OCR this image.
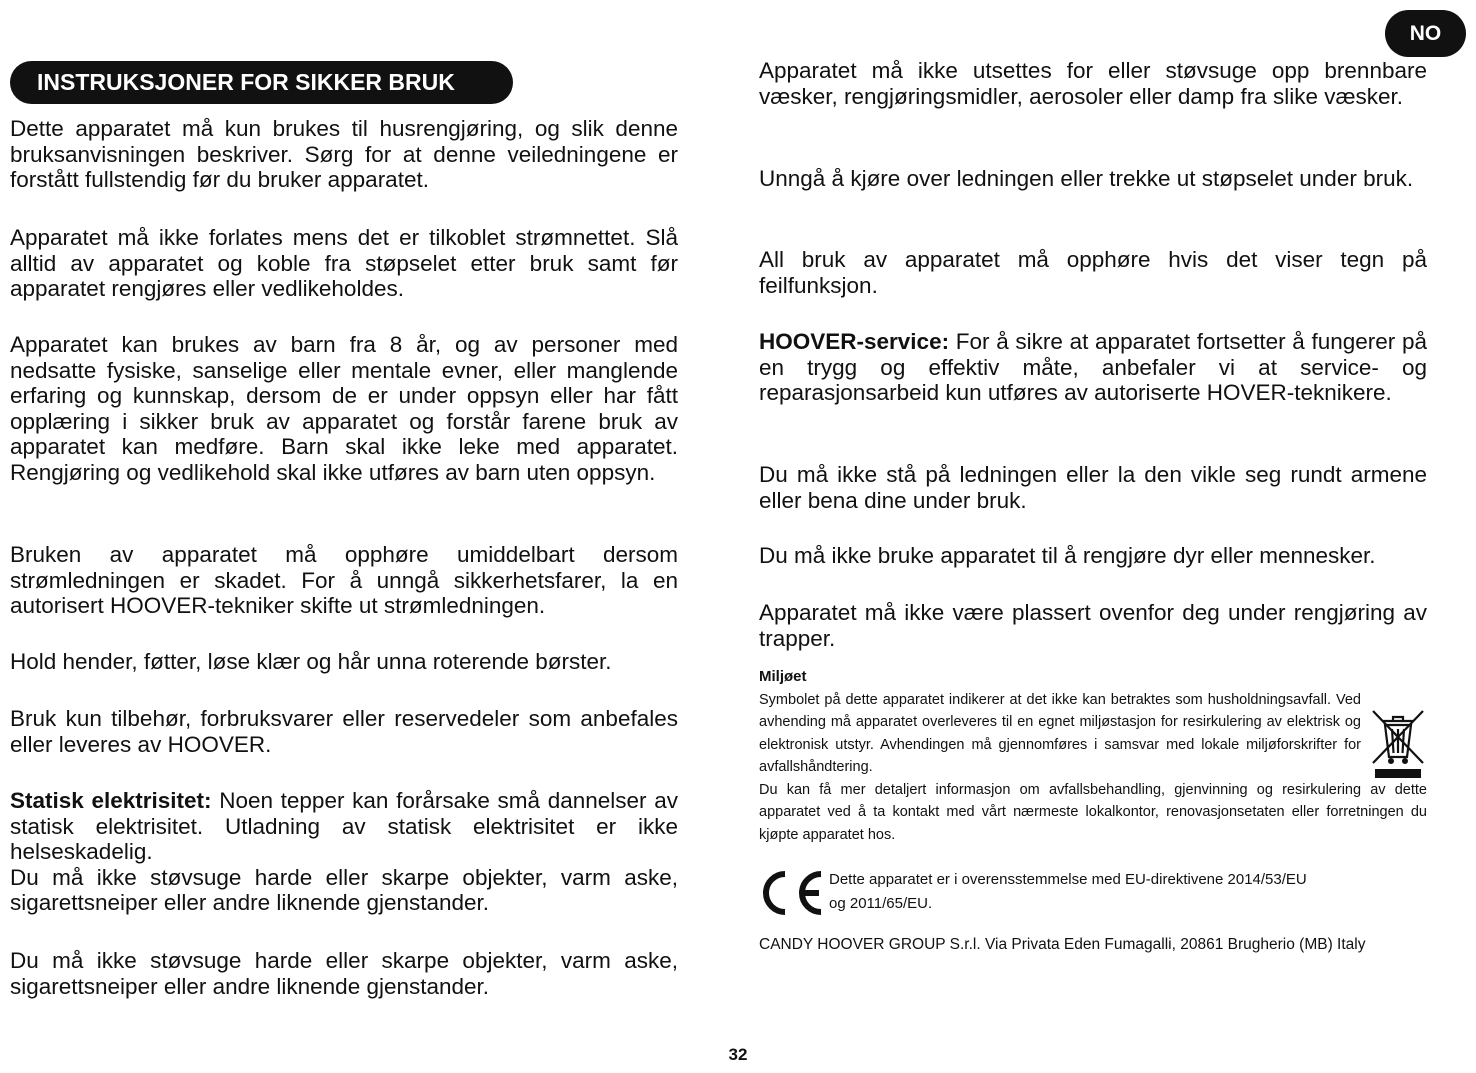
NO
INSTRUKSJONER FOR SIKKER BRUK

Dette apparatet må kun brukes til husrengjøring, og slik denne bruksanvisningen beskriver. Sørg for at denne veiledningene er forstått fullstendig før du bruker apparatet.

Apparatet må ikke forlates mens det er tilkoblet strømnettet. Slå alltid av apparatet og koble fra støpselet etter bruk samt før apparatet rengjøres eller vedlikeholdes.

Apparatet kan brukes av barn fra 8 år, og av personer med nedsatte fysiske, sanselige eller mentale evner, eller manglende erfaring og kunnskap, dersom de er under oppsyn eller har fått opplæring i sikker bruk av apparatet og forstår farene bruk av apparatet kan medføre. Barn skal ikke leke med apparatet. Rengjøring og vedlikehold skal ikke utføres av barn uten oppsyn.

Bruken av apparatet må opphøre umiddelbart dersom strømledningen er skadet. For å unngå sikkerhetsfarer, la en autorisert HOOVER-tekniker skifte ut strømledningen.

Hold hender, føtter, løse klær og hår unna roterende børster.

Bruk kun tilbehør, forbruksvarer eller reservedeler som anbefales eller leveres av HOOVER.

Statisk elektrisitet: Noen tepper kan forårsake små dannelser av statisk elektrisitet. Utladning av statisk elektrisitet er ikke helseskadelig.

Du må ikke støvsuge harde eller skarpe objekter, varm aske, sigarettsneiper eller andre liknende gjenstander.

Du må ikke støvsuge harde eller skarpe objekter, varm aske, sigarettsneiper eller andre liknende gjenstander.

Apparatet må ikke utsettes for eller støvsuge opp brennbare væsker, rengjøringsmidler, aerosoler eller damp fra slike væsker.

Unngå å kjøre over ledningen eller trekke ut støpselet under bruk.

All bruk av apparatet må opphøre hvis det viser tegn på feilfunksjon.

HOOVER-service: For å sikre at apparatet fortsetter å fungerer på en trygg og effektiv måte, anbefaler vi at service- og reparasjonsarbeid kun utføres av autoriserte HOVER-teknikere.

Du må ikke stå på ledningen eller la den vikle seg rundt armene eller bena dine under bruk.

Du må ikke bruke apparatet til å rengjøre dyr eller mennesker.

Apparatet må ikke være plassert ovenfor deg under rengjøring av trapper.

Miljøet

Symbolet på dette apparatet indikerer at det ikke kan betraktes som husholdningsavfall. Ved avhending må apparatet overleveres til en egnet miljøstasjon for resirkulering av elektrisk og elektronisk utstyr. Avhendingen må gjennomføres i samsvar med lokale miljøforskrifter for avfallshåndtering.

Du kan få mer detaljert informasjon om avfallsbehandling, gjenvinning og resirkulering av dette apparatet ved å ta kontakt med vårt nærmeste lokalkontor, renovasjonsetaten eller forretningen du kjøpte apparatet hos.

Dette apparatet er i overensstemmelse med EU-direktivene 2014/53/EU
og 2011/65/EU.

CANDY HOOVER GROUP S.r.l. Via Privata Eden Fumagalli, 20861 Brugherio (MB) Italy

32
